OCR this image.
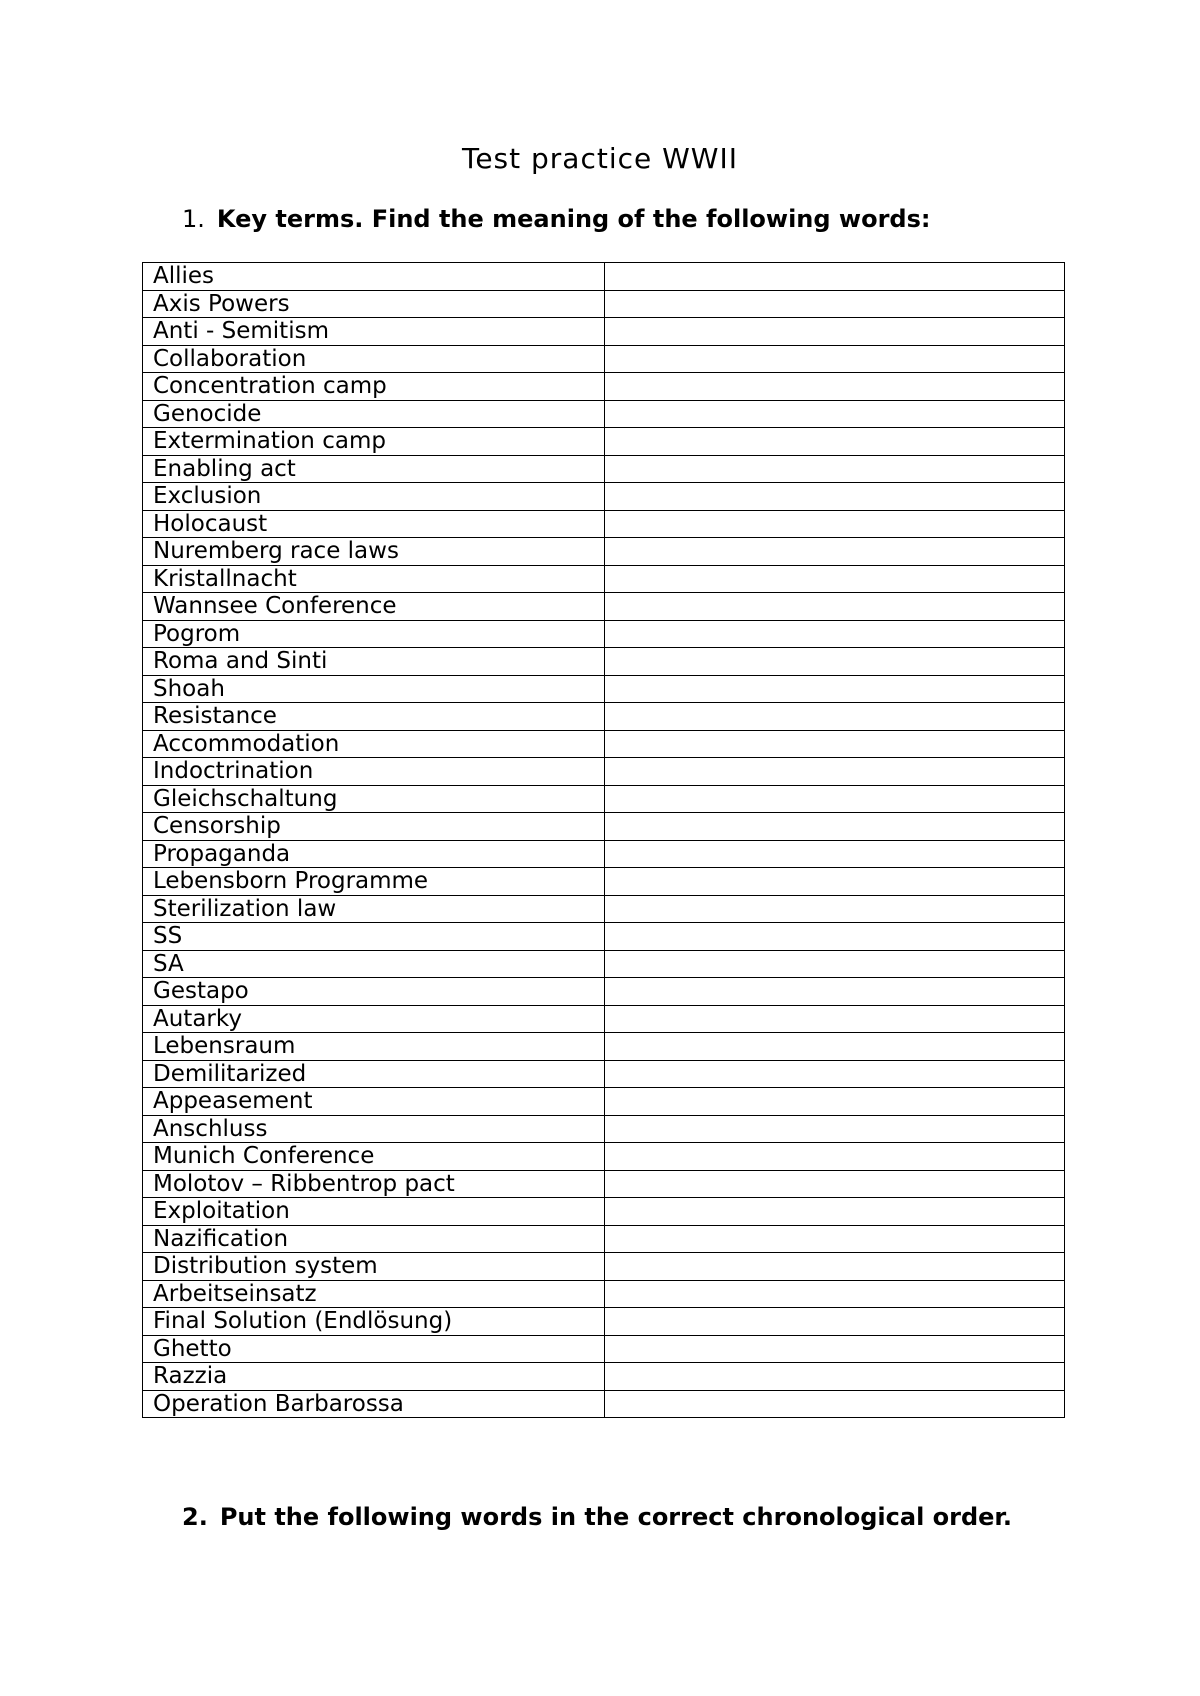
Test practice WWII

1. Key terms. Find the meaning of the following words:

Allies	
Axis Powers	
Anti - Semitism	
Collaboration	
Concentration camp	
Genocide	
Extermination camp	
Enabling act	
Exclusion	
Holocaust	
Nuremberg race laws	
Kristallnacht	
Wannsee Conference	
Pogrom	
Roma and Sinti	
Shoah	
Resistance	
Accommodation	
Indoctrination	
Gleichschaltung	
Censorship	
Propaganda	
Lebensborn Programme	
Sterilization law	
SS	
SA	
Gestapo	
Autarky	
Lebensraum	
Demilitarized	
Appeasement	
Anschluss	
Munich Conference	
Molotov – Ribbentrop pact	
Exploitation	
Nazification	
Distribution system	
Arbeitseinsatz	
Final Solution (Endlösung)	
Ghetto	
Razzia	
Operation Barbarossa	

2. Put the following words in the correct chronological order.
